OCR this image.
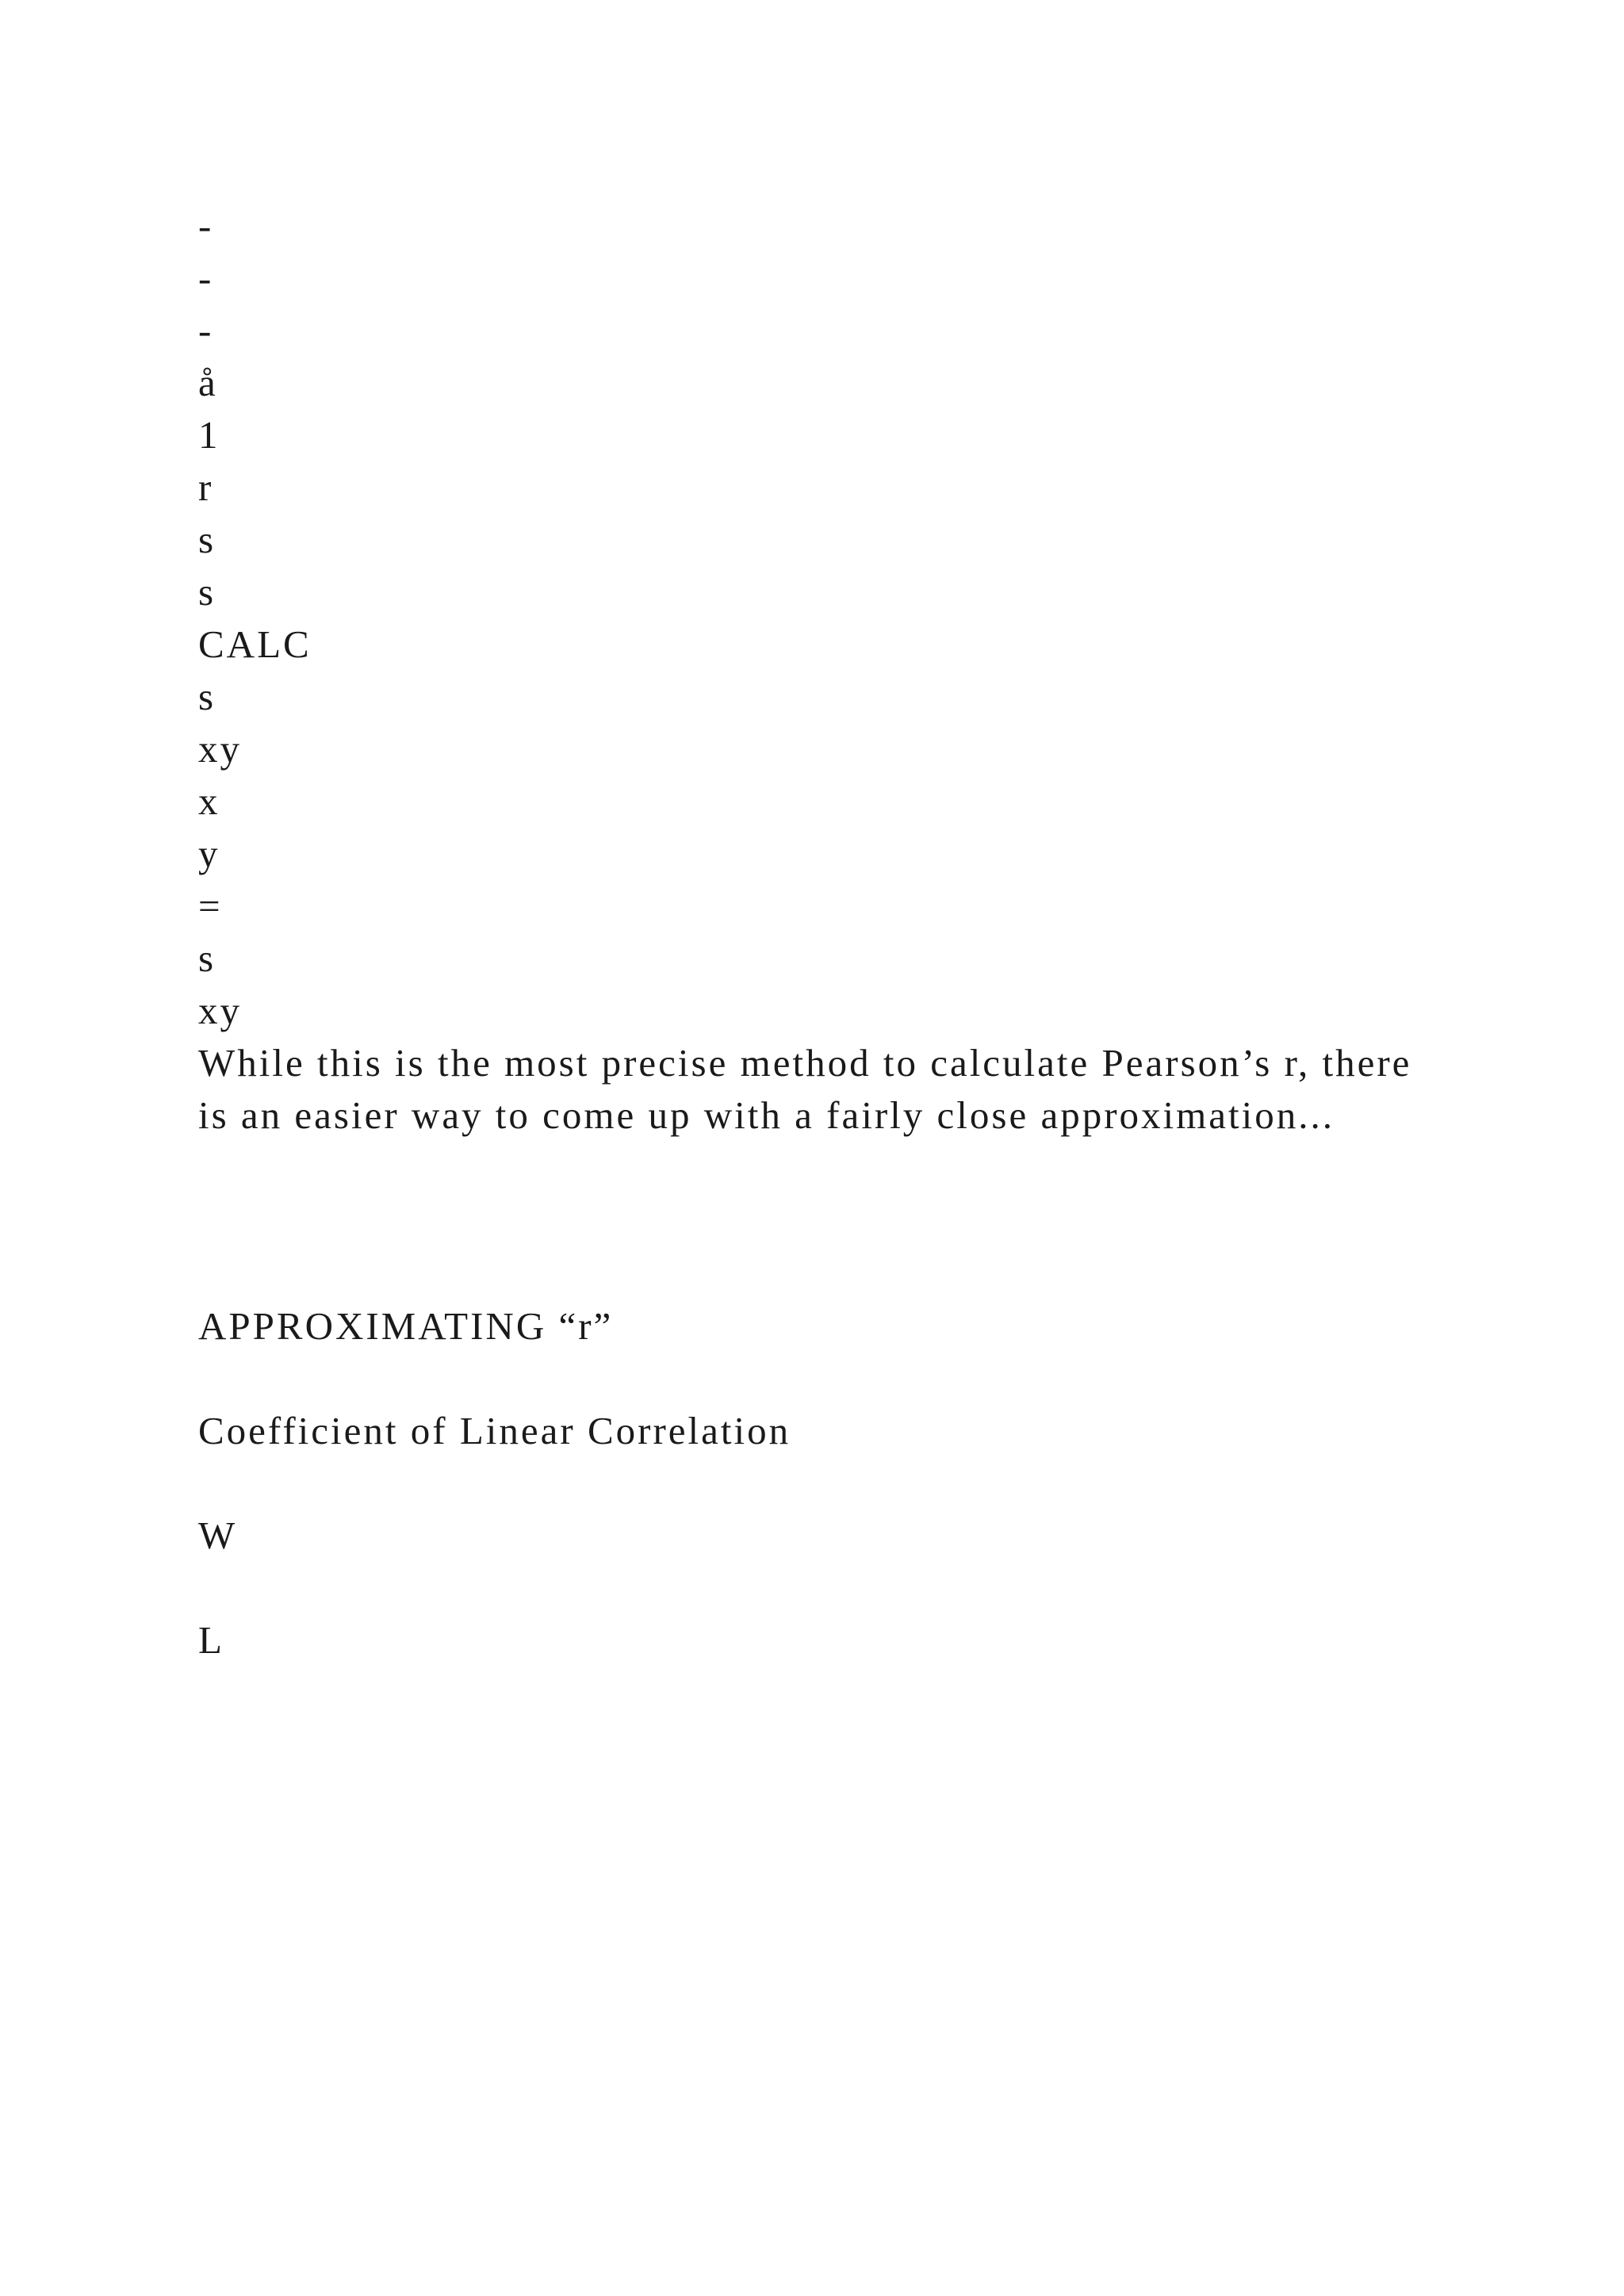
-
-
-
å
1
r
s
s
CALC
s
xy
x
y
=
s
xy

While this is the most precise method to calculate Pearson’s r, there is an easier way to come up with a fairly close approximation...

APPROXIMATING “r”
Coefficient of Linear Correlation
W
L
